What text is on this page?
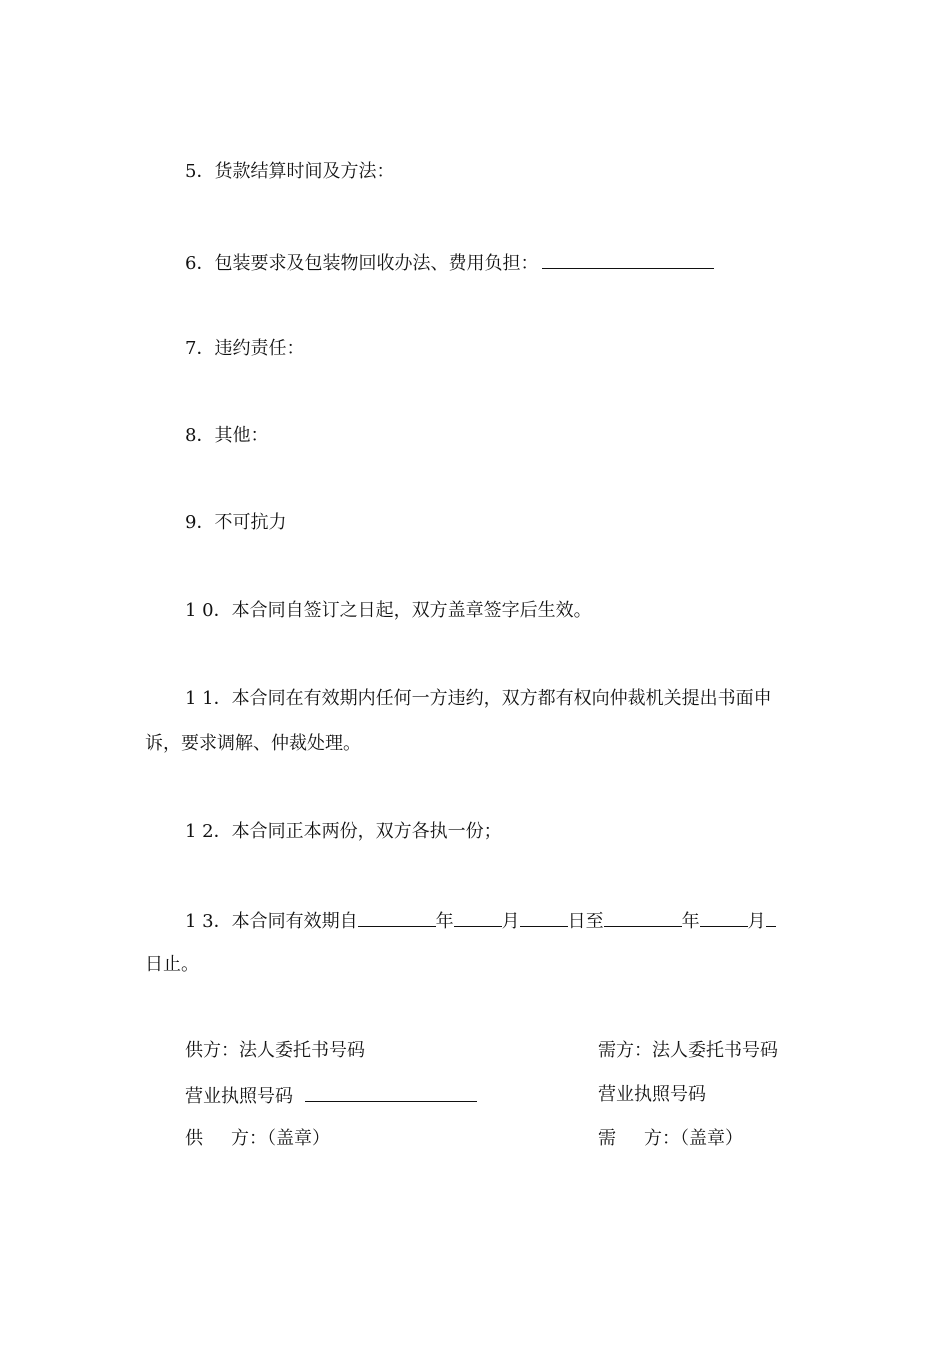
5．货款结算时间及方法：
6．包装要求及包装物回收办法、费用负担：
7．违约责任：
8．其他：
9．不可抗力
1 0．本合同自签订之日起，双方盖章签字后生效。
1 1．本合同在有效期内任何一方违约，双方都有权向仲裁机关提出书面申
诉，要求调解、仲裁处理。
1 2．本合同正本两份，双方各执一份；
1 3．本合同有效期自	年	月	日至	年	月
日止。
供方：法人委托书号码
营业执照号码
供 方：（盖章）
需方：法人委托书号码
营业执照号码
需 方：（盖章）
